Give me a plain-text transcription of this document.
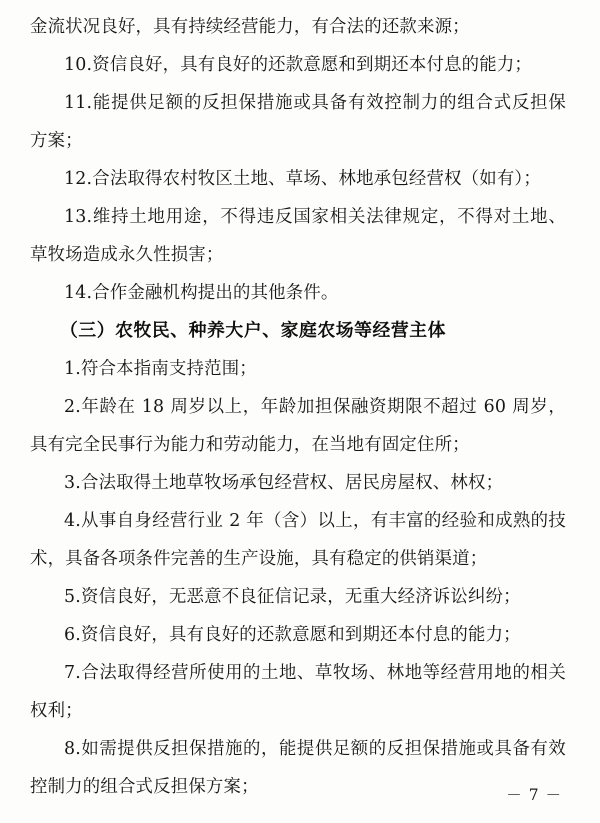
金流状况良好，具有持续经营能力，有合法的还款来源；

10.资信良好，具有良好的还款意愿和到期还本付息的能力；

11.能提供足额的反担保措施或具备有效控制力的组合式反担保方案；

12.合法取得农村牧区土地、草场、林地承包经营权（如有）；

13.维持土地用途，不得违反国家相关法律规定，不得对土地、草牧场造成永久性损害；

14.合作金融机构提出的其他条件。

（三）农牧民、种养大户、家庭农场等经营主体

1.符合本指南支持范围；

2.年龄在 18 周岁以上，年龄加担保融资期限不超过 60 周岁，具有完全民事行为能力和劳动能力，在当地有固定住所；

3.合法取得土地草牧场承包经营权、居民房屋权、林权；

4.从事自身经营行业 2 年（含）以上，有丰富的经验和成熟的技术，具备各项条件完善的生产设施，具有稳定的供销渠道；

5.资信良好，无恶意不良征信记录，无重大经济诉讼纠纷；

6.资信良好，具有良好的还款意愿和到期还本付息的能力；

7.合法取得经营所使用的土地、草牧场、林地等经营用地的相关权利；

8.如需提供反担保措施的，能提供足额的反担保措施或具备有效控制力的组合式反担保方案；	－ 7 －
